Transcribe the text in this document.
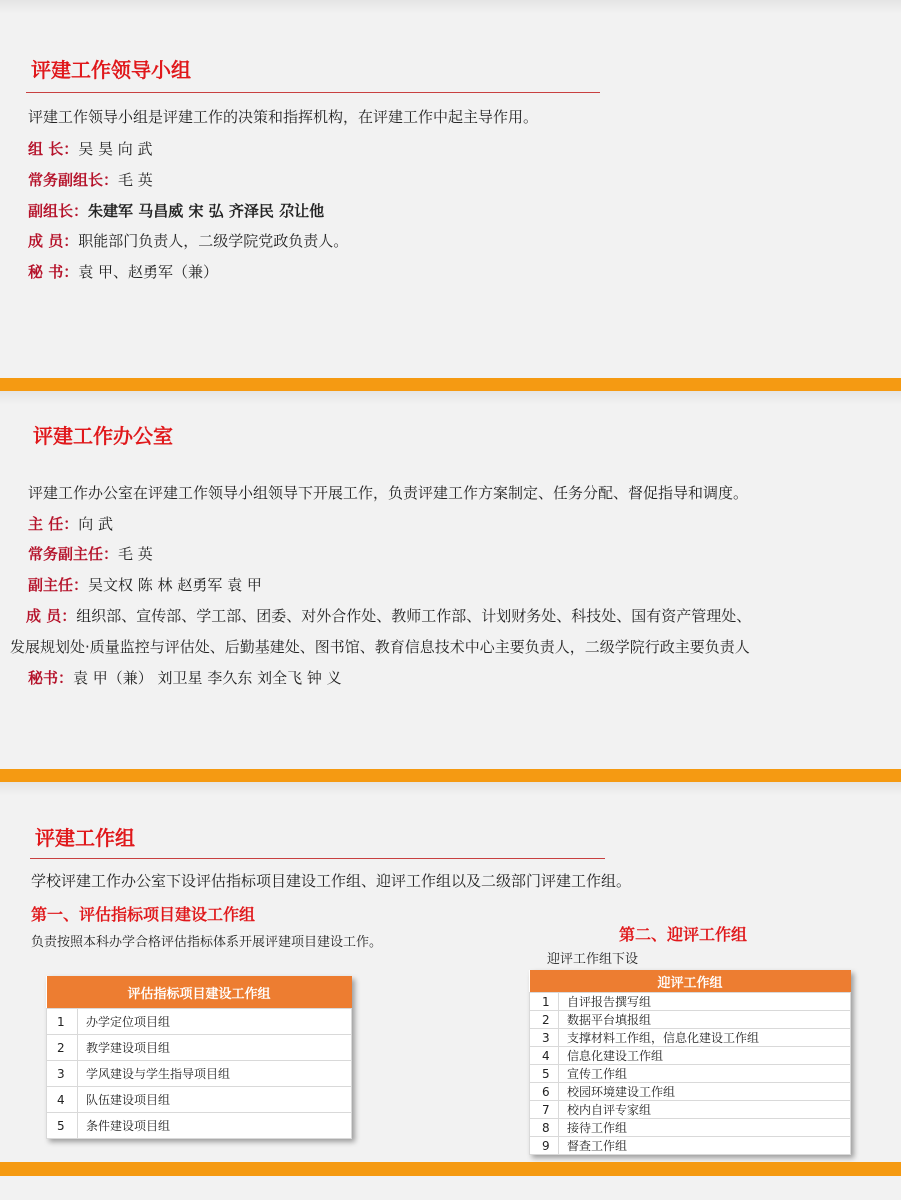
评建工作领导小组
评建工作领导小组是评建工作的决策和指挥机构，在评建工作中起主导作用。
组 长：吴 昊 向 武
常务副组长：毛 英
副组长：朱建军 马昌威 宋 弘 齐泽民 尕让他
成 员：职能部门负责人，二级学院党政负责人。
秘 书：袁 甲、赵勇军（兼）
评建工作办公室
评建工作办公室在评建工作领导小组领导下开展工作，负责评建工作方案制定、任务分配、督促指导和调度。
主 任：向 武
常务副主任：毛 英
副主任：吴文权 陈 林 赵勇军 袁 甲
成 员：组织部、宣传部、学工部、团委、对外合作处、教师工作部、计划财务处、科技处、国有资产管理处、
发展规划处·质量监控与评估处、后勤基建处、图书馆、教育信息技术中心主要负责人，二级学院行政主要负责人
秘书：袁 甲（兼） 刘卫星 李久东 刘全飞 钟 义
评建工作组
学校评建工作办公室下设评估指标项目建设工作组、迎评工作组以及二级部门评建工作组。
第一、评估指标项目建设工作组
负责按照本科办学合格评估指标体系开展评建项目建设工作。
评估指标项目建设工作组	
1	办学定位项目组
2	教学建设项目组
3	学风建设与学生指导项目组
4	队伍建设项目组
5	条件建设项目组
第二、迎评工作组
迎评工作组下设
迎评工作组	
1	自评报告撰写组
2	数据平台填报组
3	支撑材料工作组，信息化建设工作组
4	信息化建设工作组
5	宣传工作组
6	校园环境建设工作组
7	校内自评专家组
8	接待工作组
9	督查工作组
